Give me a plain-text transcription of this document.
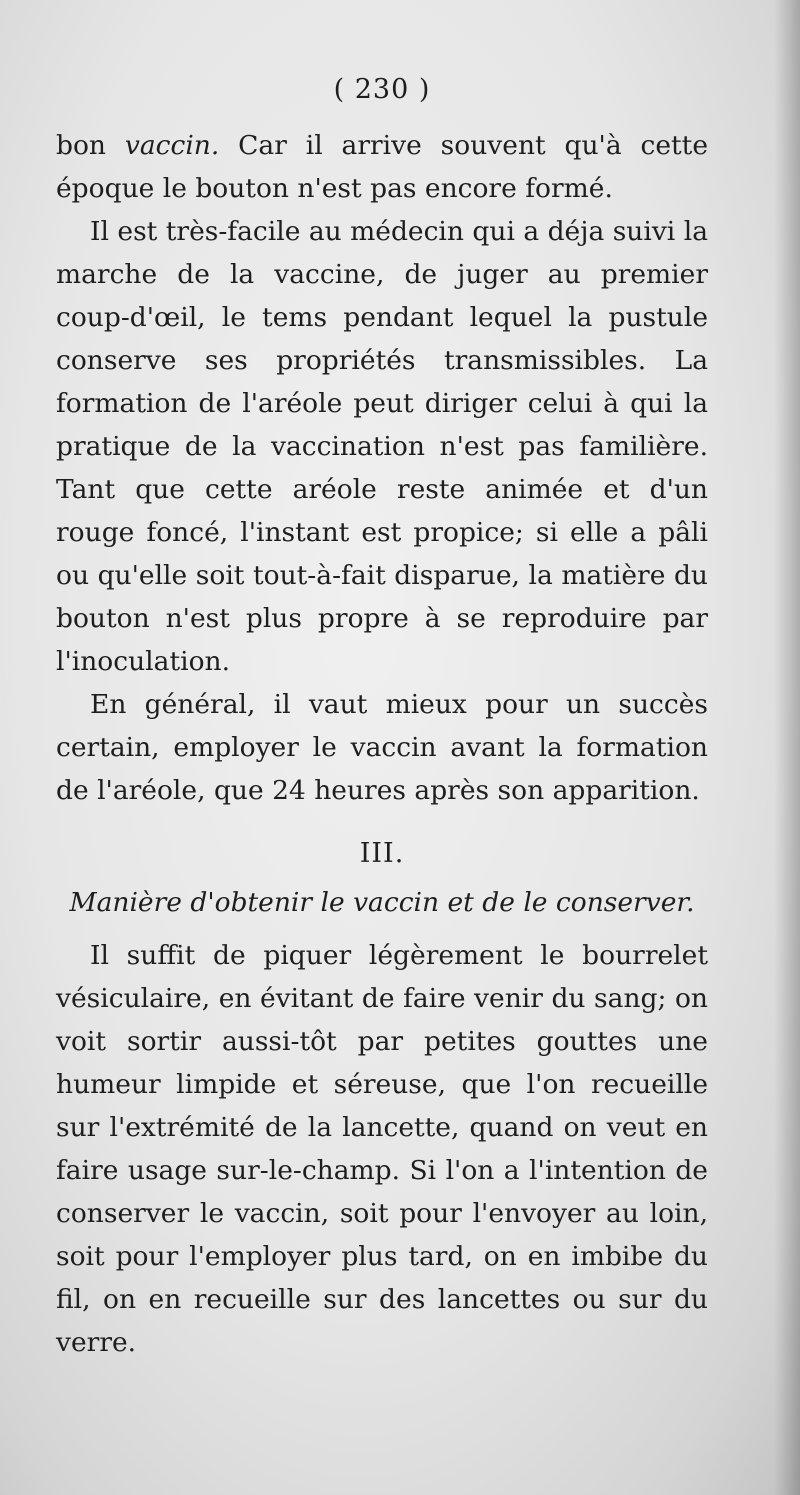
( 230 )

bon vaccin. Car il arrive souvent qu'à cette époque le bouton n'est pas encore formé.

Il est très-facile au médecin qui a déja suivi la marche de la vaccine, de juger au premier coup-d'œil, le tems pendant lequel la pustule conserve ses propriétés transmissibles. La formation de l'aréole peut diriger celui à qui la pratique de la vaccination n'est pas familière. Tant que cette aréole reste animée et d'un rouge foncé, l'instant est propice; si elle a pâli ou qu'elle soit tout-à-fait disparue, la matière du bouton n'est plus propre à se reproduire par l'inoculation.

En général, il vaut mieux pour un succès certain, employer le vaccin avant la formation de l'aréole, que 24 heures après son apparition.

III.
Manière d'obtenir le vaccin et de le conserver.

Il suffit de piquer légèrement le bourrelet vésiculaire, en évitant de faire venir du sang; on voit sortir aussi-tôt par petites gouttes une humeur limpide et séreuse, que l'on recueille sur l'extrémité de la lancette, quand on veut en faire usage sur-le-champ. Si l'on a l'intention de conserver le vaccin, soit pour l'envoyer au loin, soit pour l'employer plus tard, on en imbibe du fil, on en recueille sur des lancettes ou sur du verre.
